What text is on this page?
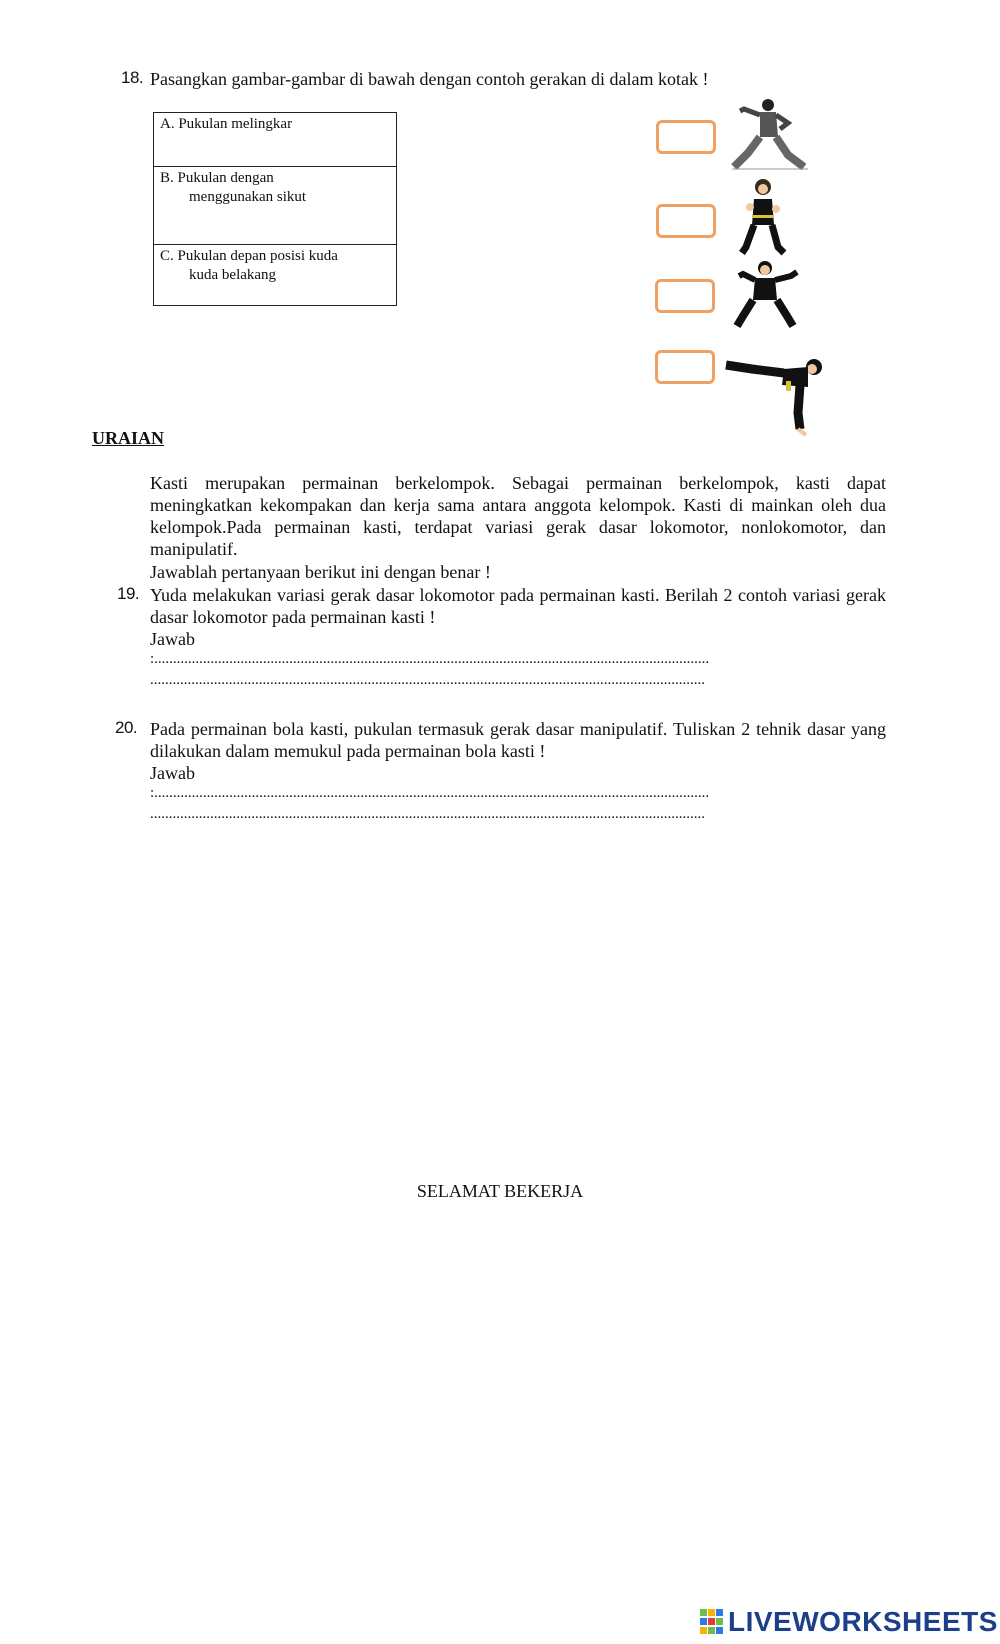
18. Pasangkan gambar-gambar di bawah dengan contoh gerakan di dalam kotak !
A. Pukulan melingkar
B. Pukulan dengan
menggunakan sikut

C. Pukulan depan posisi kuda
kuda belakang
URAIAN
Kasti merupakan permainan berkelompok. Sebagai permainan berkelompok, kasti dapat meningkatkan kekompakan dan kerja sama antara anggota kelompok. Kasti di mainkan oleh dua kelompok.Pada permainan kasti, terdapat variasi gerak dasar lokomotor, nonlokomotor, dan manipulatif.
Jawablah pertanyaan berikut ini dengan benar !
19. Yuda melakukan variasi gerak dasar lokomotor pada permainan kasti. Berilah 2 contoh variasi gerak dasar lokomotor pada permainan kasti !
Jawab
:....................................................................................................................................................
....................................................................................................................................................
20. Pada permainan bola kasti, pukulan termasuk gerak dasar manipulatif. Tuliskan 2 tehnik dasar yang dilakukan dalam memukul pada permainan bola kasti !
Jawab
:....................................................................................................................................................
....................................................................................................................................................
SELAMAT BEKERJA
LIVEWORKSHEETS
